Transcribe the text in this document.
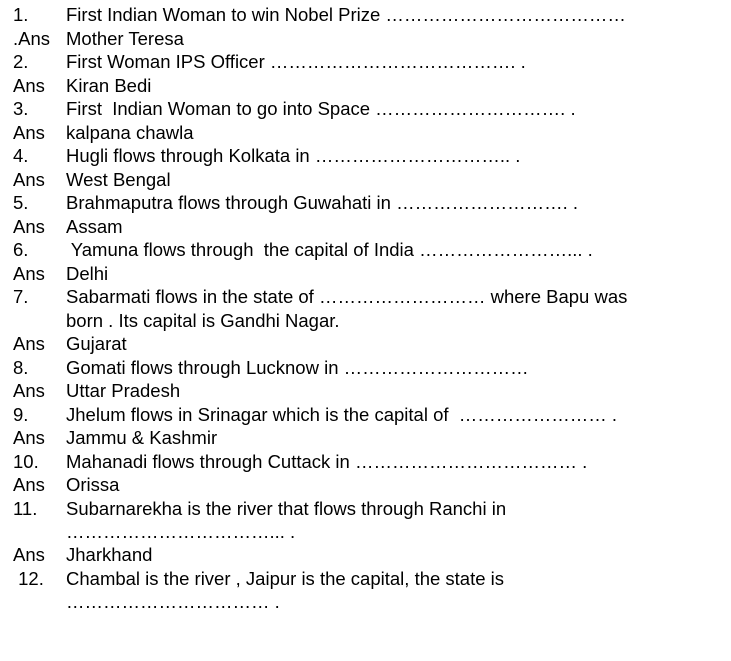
1.

First Indian Woman to win Nobel Prize …………………………………

.Ans

Mother Teresa

2.

First Woman IPS Officer …………………………………. .

Ans

Kiran Bedi

3.

First  Indian Woman to go into Space …………………………. .

Ans

kalpana chawla

4.

Hugli flows through Kolkata in ………………………….. .

Ans

West Bengal

5.

Brahmaputra flows through Guwahati in ………………………. .

Ans

Assam

6.

Yamuna flows through  the capital of India ……………………... .

Ans

Delhi

7.

Sabarmati flows in the state of ……………………… where Bapu was

born . Its capital is Gandhi Nagar.

Ans

Gujarat

8.

Gomati flows through Lucknow in …………………………

Ans

Uttar Pradesh

9.

Jhelum flows in Srinagar which is the capital of  …………………… .

Ans

Jammu & Kashmir

10.

Mahanadi flows through Cuttack in ……………………………… .

Ans

Orissa

11.

Subarnarekha is the river that flows through Ranchi in

……………………………... .

Ans

Jharkhand

12.

Chambal is the river , Jaipur is the capital, the state is

…………………………… .
